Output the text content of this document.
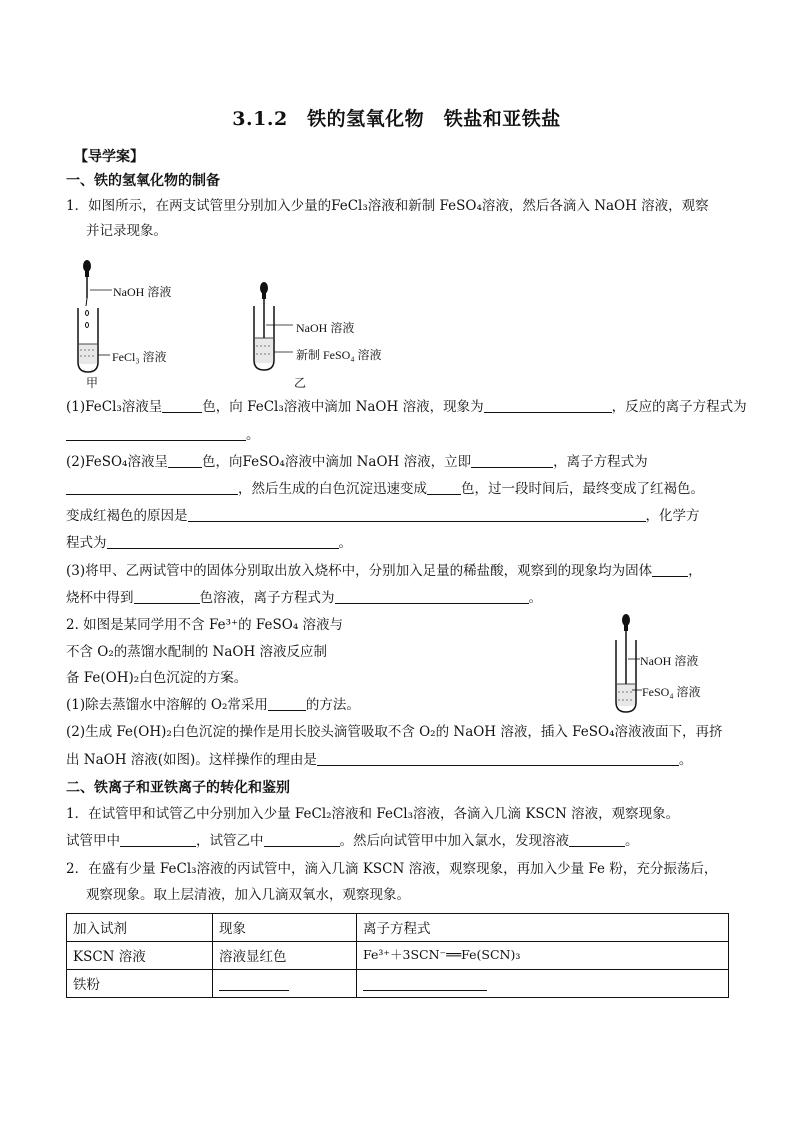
3.1.2　铁的氢氧化物　铁盐和亚铁盐
【导学案】
一、铁的氢氧化物的制备
1．如图所示，在两支试管里分别加入少量的FeCl₃溶液和新制 FeSO₄溶液，然后各滴入 NaOH 溶液，观察
并记录现象。
NaOH 溶液
FeCl₃ 溶液
甲
NaOH 溶液
新制 FeSO₄ 溶液
乙
(1)FeCl₃溶液呈	色，向 FeCl₃溶液中滴加 NaOH 溶液，现象为	，反应的离子方程式为
。
(2)FeSO₄溶液呈	色，向FeSO₄溶液中滴加 NaOH 溶液，立即	，离子方程式为
，然后生成的白色沉淀迅速变成	色，过一段时间后，最终变成了红褐色。
变成红褐色的原因是	，化学方
程式为	。
(3)将甲、乙两试管中的固体分别取出放入烧杯中，分别加入足量的稀盐酸，观察到的现象均为固体	，
烧杯中得到	色溶液，离子方程式为	。
2. 如图是某同学用不含 Fe³⁺的 FeSO₄ 溶液与
不含 O₂的蒸馏水配制的 NaOH 溶液反应制
备 Fe(OH)₂白色沉淀的方案。
NaOH 溶液
FeSO₄ 溶液
(1)除去蒸馏水中溶解的 O₂常采用	的方法。
(2)生成 Fe(OH)₂白色沉淀的操作是用长胶头滴管吸取不含 O₂的 NaOH 溶液，插入 FeSO₄溶液液面下，再挤
出 NaOH 溶液(如图)。这样操作的理由是	。
二、铁离子和亚铁离子的转化和鉴别
1．在试管甲和试管乙中分别加入少量 FeCl₂溶液和 FeCl₃溶液，各滴入几滴 KSCN 溶液，观察现象。
试管甲中	，试管乙中	。然后向试管甲中加入氯水，发现溶液	。
2．在盛有少量 FeCl₃溶液的丙试管中，滴入几滴 KSCN 溶液，观察现象，再加入少量 Fe 粉，充分振荡后，
观察现象。取上层清液，加入几滴双氧水，观察现象。
加入试剂	现象	离子方程式
KSCN 溶液	溶液显红色	Fe³⁺＋3SCN⁻══Fe(SCN)₃
铁粉		
